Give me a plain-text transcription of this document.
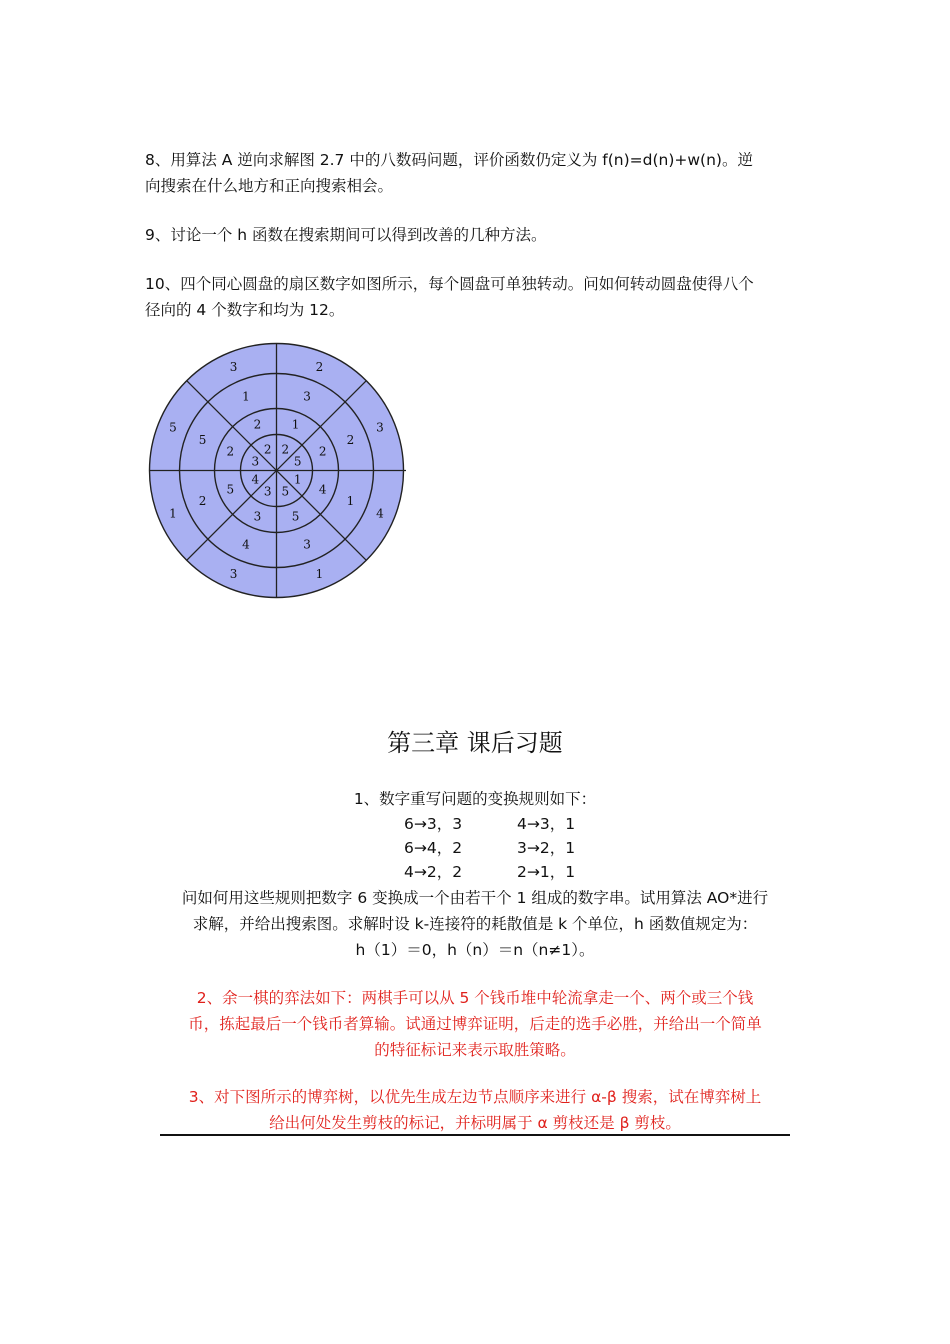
8、用算法 A 逆向求解图 2.7 中的八数码问题，评价函数仍定义为 f(n)=d(n)+w(n)。逆

向搜索在什么地方和正向搜索相会。

9、讨论一个 h 函数在搜索期间可以得到改善的几种方法。

10、四个同心圆盘的扇区数字如图所示，每个圆盘可单独转动。问如何转动圆盘使得八个

径向的 4 个数字和均为 12。

2
3
4
1
3
1
5
3
3
2
1
3
4
2
5
1
1
2
4
5
3
5
2
2
2
5
1
5
3
4
3
2
第三章 课后习题

1、数字重写问题的变换规则如下：

6→3，3	4→3，1
6→4，2	3→2，1
4→2，2	2→1，1

问如何用这些规则把数字 6 变换成一个由若干个 1 组成的数字串。试用算法 AO*进行

求解，并给出搜索图。求解时设 k-连接符的耗散值是 k 个单位，h 函数值规定为：

h（1）＝0，h（n）＝n（n≠1）。

2、余一棋的弈法如下：两棋手可以从 5 个钱币堆中轮流拿走一个、两个或三个钱

币，拣起最后一个钱币者算输。试通过博弈证明，后走的选手必胜，并给出一个简单

的特征标记来表示取胜策略。

3、对下图所示的博弈树，以优先生成左边节点顺序来进行 α-β 搜索，试在博弈树上

给出何处发生剪枝的标记，并标明属于 α 剪枝还是 β 剪枝。
